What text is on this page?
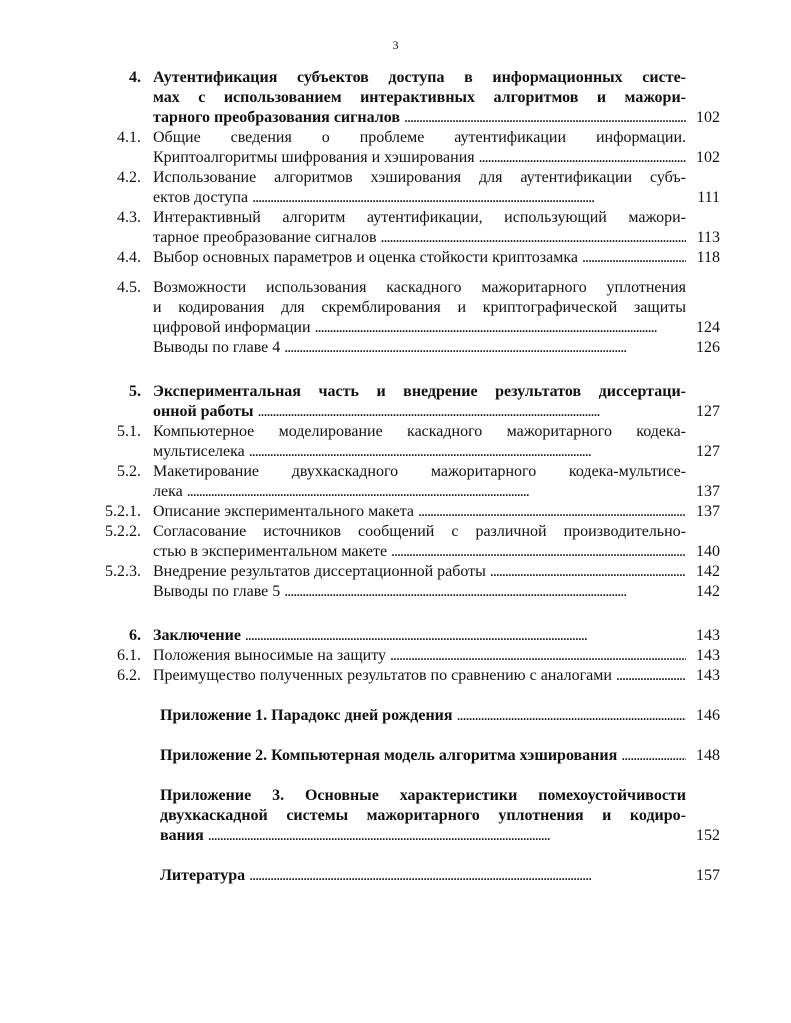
3
4. Аутентификация субъектов доступа в информационных систе-
мах с использованием интерактивных алгоритмов и мажори-
тарного преобразования сигналов . . .	102
4.1. Общие сведения о проблеме аутентификации информации.
Криптоалгоритмы шифрования и хэширования . . .	102
4.2. Использование алгоритмов хэширования для аутентификации субъ-
ектов доступа . . .	111
4.3. Интерактивный алгоритм аутентификации, использующий мажори-
тарное преобразование сигналов . . .	113
4.4. Выбор основных параметров и оценка стойкости криптозамка . . .	118
4.5. Возможности использования каскадного мажоритарного уплотнения
и кодирования для скремблирования и криптографической защиты
цифровой информации . . .	124
Выводы по главе 4 . . .	126
5. Экспериментальная часть и внедрение результатов диссертаци-
онной работы . . .	127
5.1. Компьютерное моделирование каскадного мажоритарного кодека-
мультиселека . . .	127
5.2. Макетирование двухкаскадного мажоритарного кодека-мультисе-
лека . . .	137
5.2.1. Описание экспериментального макета . . .	137
5.2.2. Согласование источников сообщений с различной производительно-
стью в экспериментальном макете . . .	140
5.2.3. Внедрение результатов диссертационной работы . . .	142
Выводы по главе 5 . . .	142
6. Заключение . . .	143
6.1. Положения выносимые на защиту . . .	143
6.2. Преимущество полученных результатов по сравнению с аналогами . . .	143
Приложение 1. Парадокс дней рождения . . .	146
Приложение 2. Компьютерная модель алгоритма хэширования . . .	148
Приложение 3. Основные характеристики помехоустойчивости
двухкаскадной системы мажоритарного уплотнения и кодиро-
вания . . .	152
Литература . . .	157
